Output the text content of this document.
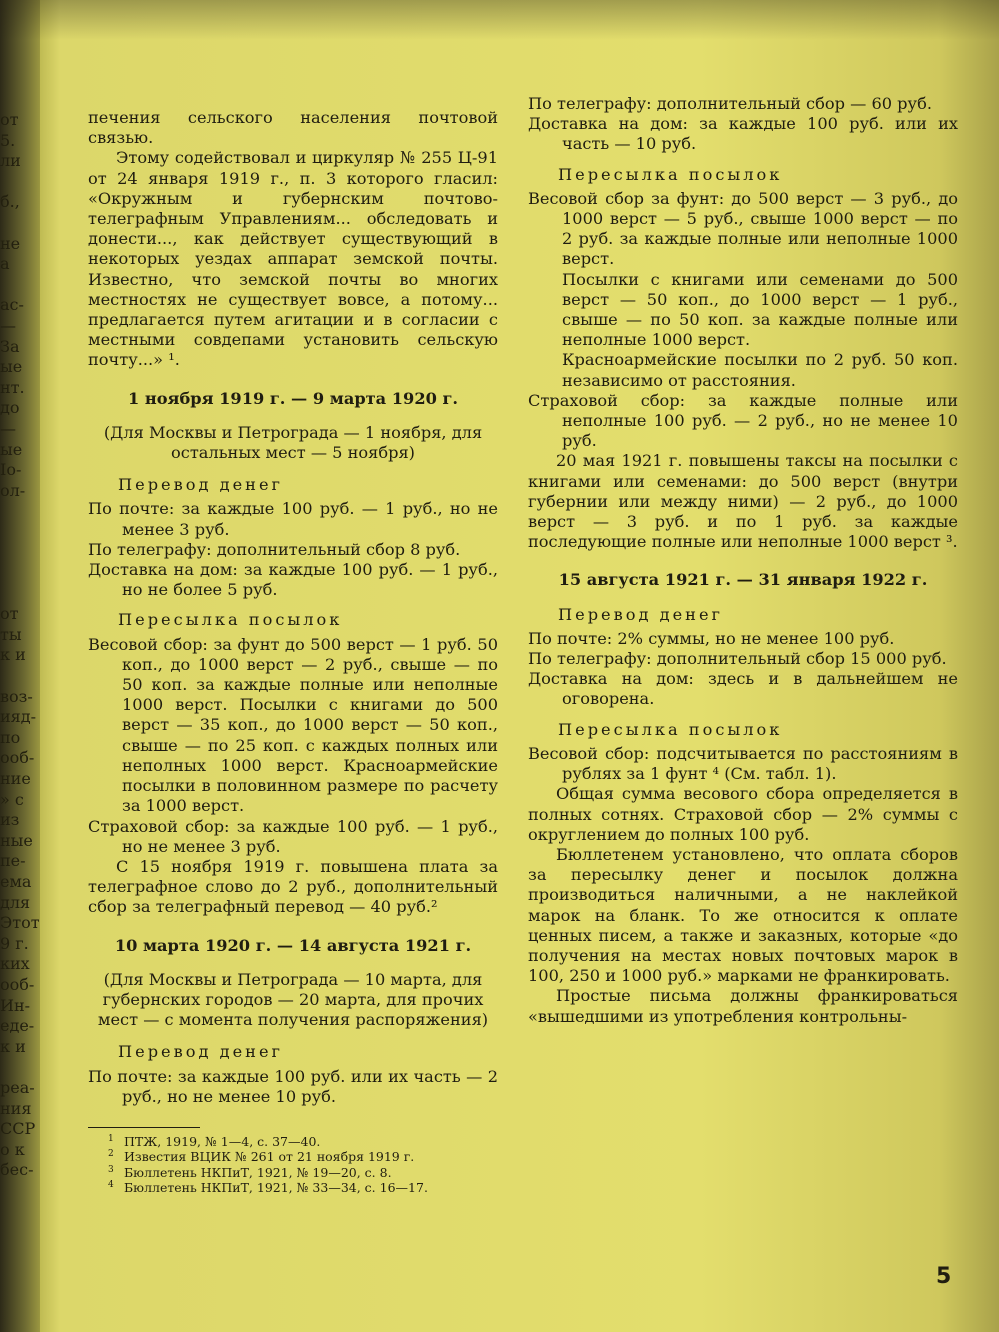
от
5.
ли

б.,

не
а

ас-
—
За
ые
нт.
до
—
ые
Io-
ол-

от
ты
к и

воз-
ияд-
по
ооб-
ние
» с
из
ные
пе-
ема
для
Этот
9 г.
ких
ооб-
Ин-
еде-
к и

реа-
ния
ССР
о к
бес-

печения сельского населения почтовой связью.

Этому содействовал и циркуляр № 255 Ц-91 от 24 января 1919 г., п. 3 которого гласил: «Окружным и губернским почтово-телеграфным Управлениям... обследовать и донести..., как действует существующий в некоторых уездах аппарат земской почты. Известно, что земской почты во многих местностях не существует вовсе, а потому... предлагается путем агитации и в согласии с местными совдепами установить сельскую почту...» ¹.

1 ноября 1919 г. — 9 марта 1920 г.
(Для Москвы и Петрограда — 1 ноября, для остальных мест — 5 ноября)
Перевод денег

По почте: за каждые 100 руб. — 1 руб., но не менее 3 руб.

По телеграфу: дополнительный сбор 8 руб.

Доставка на дом: за каждые 100 руб. — 1 руб., но не более 5 руб.

Пересылка посылок

Весовой сбор: за фунт до 500 верст — 1 руб. 50 коп., до 1000 верст — 2 руб., свыше — по 50 коп. за каждые полные или неполные 1000 верст. Посылки с книгами до 500 верст — 35 коп., до 1000 верст — 50 коп., свыше — по 25 коп. с каждых полных или неполных 1000 верст. Красноармейские посылки в половинном размере по расчету за 1000 верст.

Страховой сбор: за каждые 100 руб. — 1 руб., но не менее 3 руб.

С 15 ноября 1919 г. повышена плата за телеграфное слово до 2 руб., дополнительный сбор за телеграфный перевод — 40 руб.²

10 марта 1920 г. — 14 августа 1921 г.
(Для Москвы и Петрограда — 10 марта, для губернских городов — 20 марта, для прочих мест — с момента получения распоряжения)
Перевод денег

По почте: за каждые 100 руб. или их часть — 2 руб., но не менее 10 руб.

1 ПТЖ, 1919, № 1—4, с. 37—40.
2 Известия ВЦИК № 261 от 21 ноября 1919 г.
3 Бюллетень НКПиТ, 1921, № 19—20, с. 8.
4 Бюллетень НКПиТ, 1921, № 33—34, с. 16—17.

По телеграфу: дополнительный сбор — 60 руб.

Доставка на дом: за каждые 100 руб. или их часть — 10 руб.

Пересылка посылок

Весовой сбор за фунт: до 500 верст — 3 руб., до 1000 верст — 5 руб., свыше 1000 верст — по 2 руб. за каждые полные или неполные 1000 верст.

Посылки с книгами или семенами до 500 верст — 50 коп., до 1000 верст — 1 руб., свыше — по 50 коп. за каждые полные или неполные 1000 верст.

Красноармейские посылки по 2 руб. 50 коп. независимо от расстояния.

Страховой сбор: за каждые полные или неполные 100 руб. — 2 руб., но не менее 10 руб.

20 мая 1921 г. повышены таксы на посылки с книгами или семенами: до 500 верст (внутри губернии или между ними) — 2 руб., до 1000 верст — 3 руб. и по 1 руб. за каждые последующие полные или неполные 1000 верст ³.

15 августа 1921 г. — 31 января 1922 г.
Перевод денег

По почте: 2% суммы, но не менее 100 руб.

По телеграфу: дополнительный сбор 15 000 руб.

Доставка на дом: здесь и в дальнейшем не оговорена.

Пересылка посылок

Весовой сбор: подсчитывается по расстояниям в рублях за 1 фунт ⁴ (См. табл. 1).

Общая сумма весового сбора определяется в полных сотнях. Страховой сбор — 2% суммы с округлением до полных 100 руб.

Бюллетенем установлено, что оплата сборов за пересылку денег и посылок должна производиться наличными, а не наклейкой марок на бланк. То же относится к оплате ценных писем, а также и заказных, которые «до получения на местах новых почтовых марок в 100, 250 и 1000 руб.» марками не франкировать.

Простые письма должны франкироваться «вышедшими из употребления контрольны-

5
